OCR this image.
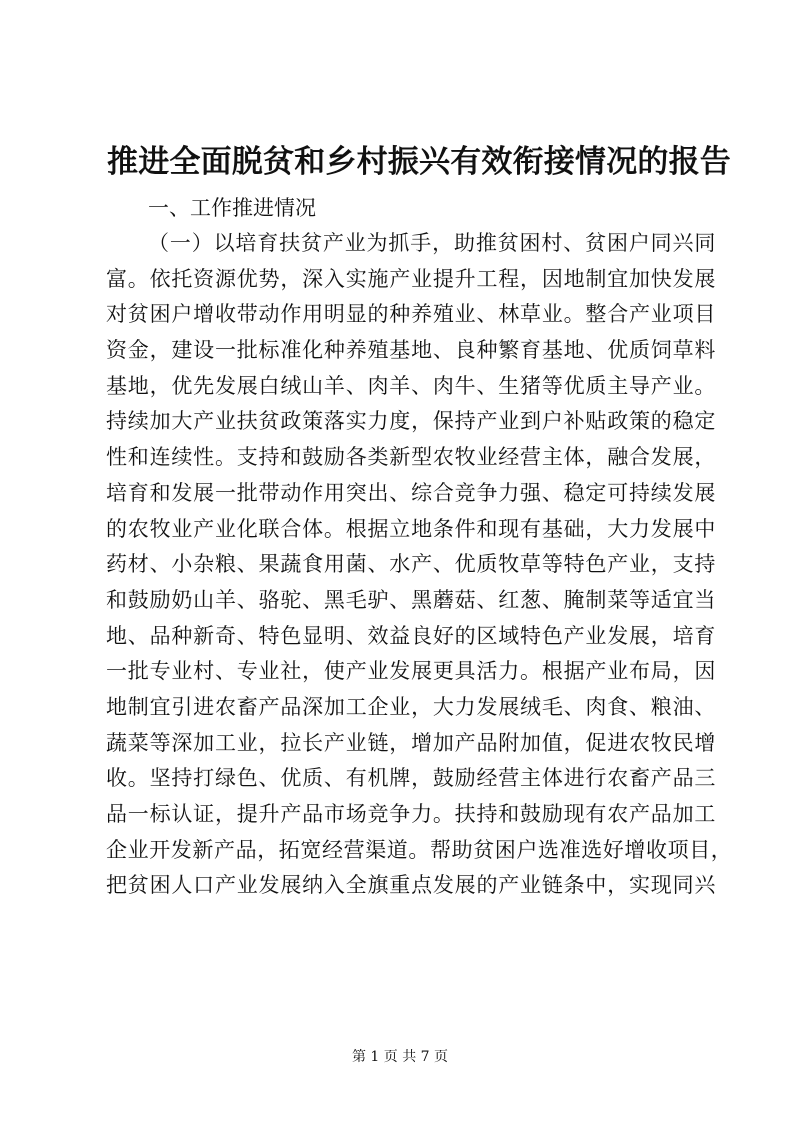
推进全面脱贫和乡村振兴有效衔接情况的报告
一、工作推进情况
（一）以培育扶贫产业为抓手，助推贫困村、贫困户同兴同
富。依托资源优势，深入实施产业提升工程，因地制宜加快发展
对贫困户增收带动作用明显的种养殖业、林草业。整合产业项目
资金，建设一批标准化种养殖基地、良种繁育基地、优质饲草料
基地，优先发展白绒山羊、肉羊、肉牛、生猪等优质主导产业。
持续加大产业扶贫政策落实力度，保持产业到户补贴政策的稳定
性和连续性。支持和鼓励各类新型农牧业经营主体，融合发展，
培育和发展一批带动作用突出、综合竞争力强、稳定可持续发展
的农牧业产业化联合体。根据立地条件和现有基础，大力发展中
药材、小杂粮、果蔬食用菌、水产、优质牧草等特色产业，支持
和鼓励奶山羊、骆驼、黑毛驴、黑蘑菇、红葱、腌制菜等适宜当
地、品种新奇、特色显明、效益良好的区域特色产业发展，培育
一批专业村、专业社，使产业发展更具活力。根据产业布局，因
地制宜引进农畜产品深加工企业，大力发展绒毛、肉食、粮油、
蔬菜等深加工业，拉长产业链，增加产品附加值，促进农牧民增
收。坚持打绿色、优质、有机牌，鼓励经营主体进行农畜产品三
品一标认证，提升产品市场竞争力。扶持和鼓励现有农产品加工
企业开发新产品，拓宽经营渠道。帮助贫困户选准选好增收项目，
把贫困人口产业发展纳入全旗重点发展的产业链条中，实现同兴
第 1 页 共 7 页
